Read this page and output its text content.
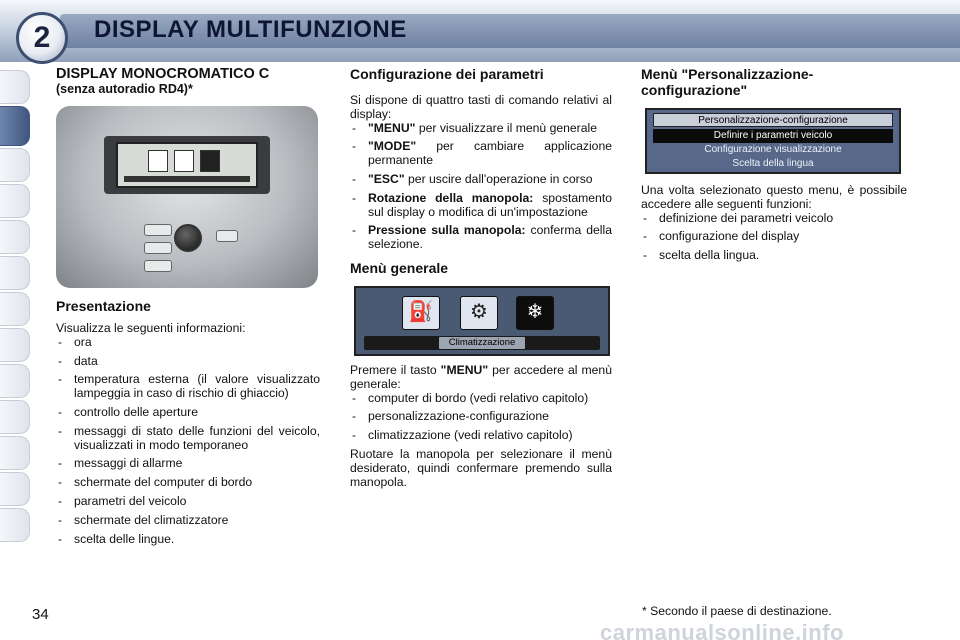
2 DISPLAY MULTIFUNZIONE
DISPLAY MONOCROMATICO C
(senza autoradio RD4)*
Presentazione

Visualizza le seguenti informazioni:

- ora
- data
- temperatura esterna (il valore visualizzato lampeggia in caso di rischio di ghiaccio)
- controllo delle aperture
- messaggi di stato delle funzioni del veicolo, visualizzati in modo temporaneo
- messaggi di allarme
- schermate del computer di bordo
- parametri del veicolo
- schermate del climatizzatore
- scelta delle lingue.
Configurazione dei parametri

Si dispone di quattro tasti di comando relativi al display:

- "MENU" per visualizzare il menù generale
- "MODE" per cambiare applicazione permanente
- "ESC" per uscire dall'operazione in corso
- Rotazione della manopola: spostamento sul display o modifica di un'impostazione
- Pressione sulla manopola: conferma della selezione.
Menù generale
⛽	⚙	❄
Climatizzazione

Premere il tasto "MENU" per accedere al menù generale:

- computer di bordo (vedi relativo capitolo)
- personalizzazione-configurazione
- climatizzazione (vedi relativo capitolo)

Ruotare la manopola per selezionare il menù desiderato, quindi confermare premendo sulla manopola.

Menù "Personalizzazione-configurazione"
Personalizzazione-configurazione
Definire i parametri veicolo
Configurazione visualizzazione
Scelta della lingua

Una volta selezionato questo menu, è possibile accedere alle seguenti funzioni:

- definizione dei parametri veicolo
- configurazione del display
- scelta della lingua.
34	* Secondo il paese di destinazione.
carmanualsonline.info
